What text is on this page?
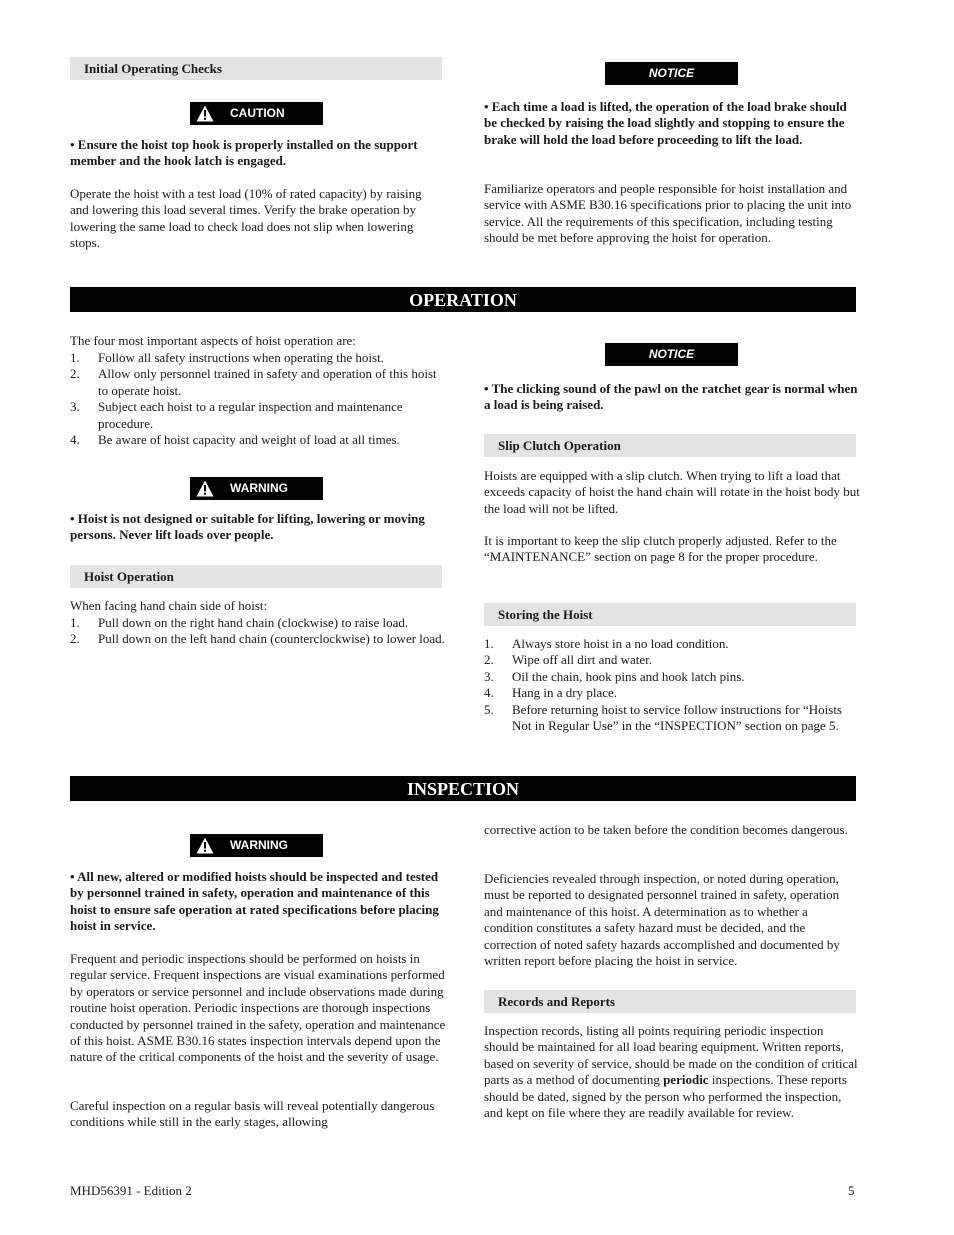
Initial Operating Checks
CAUTION

• Ensure the hoist top hook is properly installed on the support member and the hook latch is engaged.

Operate the hoist with a test load (10% of rated capacity) by raising and lowering this load several times. Verify the brake operation by lowering the same load to check load does not slip when lowering stops.

NOTICE

• Each time a load is lifted, the operation of the load brake should be checked by raising the load slightly and stopping to ensure the brake will hold the load before proceeding to lift the load.

Familiarize operators and people responsible for hoist installation and service with ASME B30.16 specifications prior to placing the unit into service. All the requirements of this specification, including testing should be met before approving the hoist for operation.

OPERATION

The four most important aspects of hoist operation are:

1. Follow all safety instructions when operating the hoist.
2. Allow only personnel trained in safety and operation of this hoist to operate hoist.
3. Subject each hoist to a regular inspection and maintenance procedure.
4. Be aware of hoist capacity and weight of load at all times.
WARNING

• Hoist is not designed or suitable for lifting, lowering or moving persons. Never lift loads over people.

Hoist Operation

When facing hand chain side of hoist:

1. Pull down on the right hand chain (clockwise) to raise load.
2. Pull down on the left hand chain (counterclockwise) to lower load.
NOTICE

• The clicking sound of the pawl on the ratchet gear is normal when a load is being raised.

Slip Clutch Operation

Hoists are equipped with a slip clutch. When trying to lift a load that exceeds capacity of hoist the hand chain will rotate in the hoist body but the load will not be lifted.

It is important to keep the slip clutch properly adjusted. Refer to the “MAINTENANCE” section on page 8 for the proper procedure.

Storing the Hoist
1. Always store hoist in a no load condition.
2. Wipe off all dirt and water.
3. Oil the chain, hook pins and hook latch pins.
4. Hang in a dry place.
5. Before returning hoist to service follow instructions for “Hoists Not in Regular Use” in the “INSPECTION” section on page 5.
INSPECTION
WARNING

• All new, altered or modified hoists should be inspected and tested by personnel trained in safety, operation and maintenance of this hoist to ensure safe operation at rated specifications before placing hoist in service.

Frequent and periodic inspections should be performed on hoists in regular service. Frequent inspections are visual examinations performed by operators or service personnel and include observations made during routine hoist operation. Periodic inspections are thorough inspections conducted by personnel trained in the safety, operation and maintenance of this hoist. ASME B30.16 states inspection intervals depend upon the nature of the critical components of the hoist and the severity of usage.

Careful inspection on a regular basis will reveal potentially dangerous conditions while still in the early stages, allowing

corrective action to be taken before the condition becomes dangerous.

Deficiencies revealed through inspection, or noted during operation, must be reported to designated personnel trained in safety, operation and maintenance of this hoist. A determination as to whether a condition constitutes a safety hazard must be decided, and the correction of noted safety hazards accomplished and documented by written report before placing the hoist in service.

Records and Reports

Inspection records, listing all points requiring periodic inspection should be maintained for all load bearing equipment. Written reports, based on severity of service, should be made on the condition of critical parts as a method of documenting periodic inspections. These reports should be dated, signed by the person who performed the inspection, and kept on file where they are readily available for review.

MHD56391 - Edition 2	5
